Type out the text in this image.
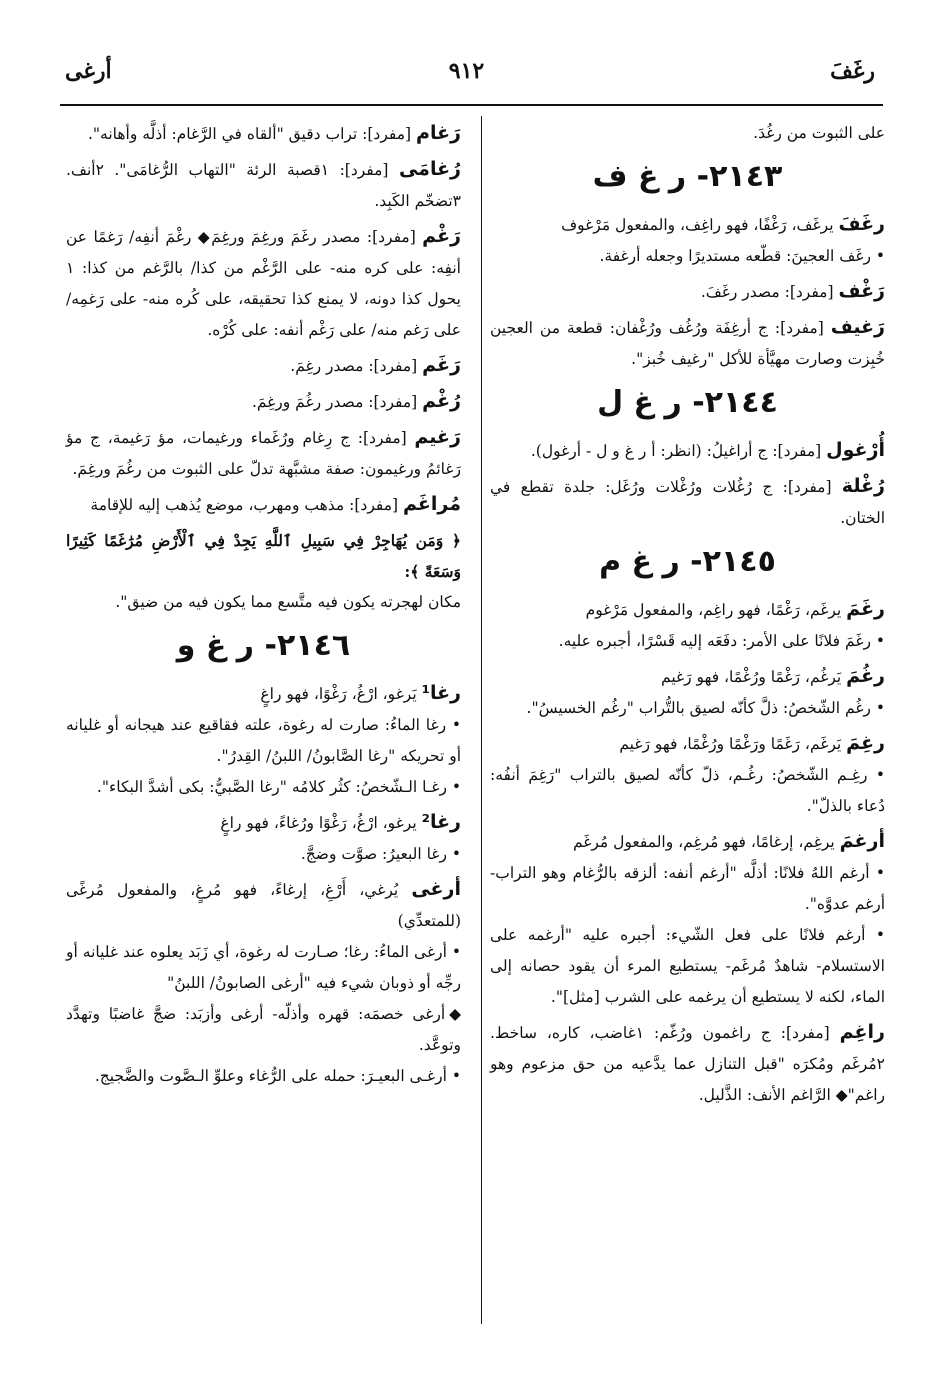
رغَفَ
٩١٢
أرغى

على الثبوت من رغُدَ.

٢١٤٣- ر غ ف

رغَفَ يرغَف، رَغْفًا، فهو راغِف، والمفعول مَرْغوف

• رغَف العجينَ: قطّعه مستديرًا وجعله أرغفة.

رَغْف [مفرد]: مصدر رغَفَ.

رَغيف [مفرد]: ج أرغِفَة ورُغُف ورُغْفان: قطعة من العجين خُبِزت وصارت مهيَّأة للأكل "رغيف خُبز".

٢١٤٤- ر غ ل

أُرْغول [مفرد]: ج أراغيلُ: (انظر: أ ر غ و ل - أرغول).

رُغْلة [مفرد]: ج رُغُلات ورُغْلات ورُغَل: جلدة تقطع في الختان.

٢١٤٥- ر غ م

رغَمَ يرغَم، رَغْمًا، فهو راغِم، والمفعول مَرْغوم

• رغَمَ فلانًا على الأمر: دفَعَه إليه قَسْرًا، أجبره عليه.

رغُمَ يَرغُم، رَغْمًا ورُغْمًا، فهو رَغيم

• رغُم الشّخصُ: ذلَّ كأنّه لصيق بالتُّراب "رغُم الخسيسُ".

رغِمَ يَرغَم، رَغَمًا ورَغْمًا ورُغْمًا، فهو رَغيم

• رغِـم الشّخصُ: رغُـم، ذلّ كأنّه لصيق بالتراب "رَغِمَ أنفُه: دُعاء بالذلّ".

أرغمَ يرغِم، إرغامًا، فهو مُرغِم، والمفعول مُرغَم

• أرغم اللهُ فلانًا: أذلَّه "أرغم أنفه: ألزقه بالرُّغام وهو التراب- أرغم عدوَّه".

• أرغم فلانًا على فعل الشّيء: أجبره عليه "أرغمه على الاستسلام- شاهدٌ مُرغَم- يستطيع المرء أن يقود حصانه إلى الماء، لكنه لا يستطيع أن يرغمه على الشرب [مثل]".

راغِم [مفرد]: ج راغمون ورُغّم: ١غاضب، كاره، ساخط. ٢مُرغَم ومُكرَه "قبل التنازل عما يدَّعيه من حق مزعوم وهو راغم"◆ الرَّاغم الأنف: الذَّليل.

رَغام [مفرد]: تراب دقيق "ألقاه في الرَّغام: أذلَّه وأهانه".

رُغامَى [مفرد]: ١قصبة الرئة "التهاب الرُّغامَى". ٢أنف. ٣تضخّم الكَبِد.

رَغْم [مفرد]: مصدر رغَمَ ورغِمَ ورغِمَ◆ رغْمَ أنفِه/ رَغمًا عن أنفِه: على كره منه- على الرَّغْم من كذا/ بالرَّغم من كذا: ١ يحول كذا دونه، لا يمنع كذا تحقيقه، على كُره منه- على رَغمِه/ على رَغم منه/ على رَغْم أنفه: على كُرْه.

رَغَم [مفرد]: مصدر رغِمَ.

رُغْم [مفرد]: مصدر رغُمَ ورغِمَ.

رَغيم [مفرد]: ج رِغام ورُغَماء ورغيمات، مؤ رَغيمة، ج مؤ رَغائمُ ورغيمون: صفة مشبَّهة تدلّ على الثبوت من رغُمَ ورغِمَ.

مُراغَم [مفرد]: مذهب ومهرب، موضع يُذهب إليه للإقامة

﴿ وَمَن يُهَاجِرْ فِي سَبِيلِ ٱللَّهِ يَجِدْ فِي ٱلْأَرْضِ مُرَٰغَمًا كَثِيرًا وَسَعَةً ﴾:

مكان لهجرته يكون فيه متَّسع مما يكون فيه من ضيق".

٢١٤٦- ر غ و

رغا¹ يَرغو، ارْغُ، رَغْوًا، فهو راغٍ

• رغا الماءُ: صارت له رغوة، علته فقاقيع عند هيجانه أو غليانه أو تحريكه "رغا الصَّابونُ/ اللبنُ/ القِدرُ".

• رغـا الـشّخصُ: كثُر كلامُه "رغا الصَّبيُّ: بكى أشدَّ البكاء".

رغا² يرغو، ارْغُ، رَغْوًا ورُغاءً، فهو راغٍ

• رغا البعيرُ: صوَّت وضجَّ.

أرغى يُرغي، أَرْغِ، إرغاءً، فهو مُرغٍ، والمفعول مُرغًى (للمتعدِّي)

• أرغى الماءُ: رغا؛ صـارت له رغوة، أي زَبَد يعلوه عند غليانه أو رجِّه أو ذوبان شيء فيه "أرغى الصابونُ/ اللبنُ"

◆أرغى خصمَه: قهره وأذلّه- أرغى وأزبَد: ضجَّ غاضبًا وتهدَّد وتوعَّد.

• أرغـى البعيـرَ: حمله على الرُّغاء وعلوِّ الـصَّوت والضَّجيج.
